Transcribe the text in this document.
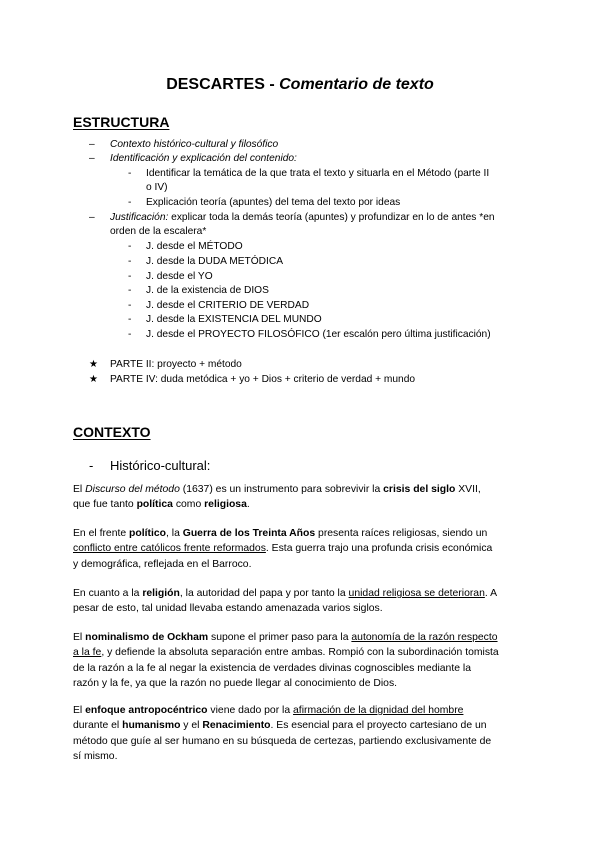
DESCARTES - Comentario de texto
ESTRUCTURA
– Contexto histórico-cultural y filosófico
– Identificación y explicación del contenido:
- Identificar la temática de la que trata el texto y situarla en el Método (parte II
o IV)
- Explicación teoría (apuntes) del tema del texto por ideas
– Justificación: explicar toda la demás teoría (apuntes) y profundizar en lo de antes *en
orden de la escalera*
- J. desde el MÉTODO
- J. desde la DUDA METÓDICA
- J. desde el YO
- J. de la existencia de DIOS
- J. desde el CRITERIO DE VERDAD
- J. desde la EXISTENCIA DEL MUNDO
- J. desde el PROYECTO FILOSÓFICO (1er escalón pero última justificación)
★ PARTE II: proyecto + método
★ PARTE IV: duda metódica + yo + Dios + criterio de verdad + mundo
CONTEXTO
- Histórico-cultural:
El Discurso del método (1637) es un instrumento para sobrevivir la crisis del siglo XVII,
que fue tanto política como religiosa.
En el frente político, la Guerra de los Treinta Años presenta raíces religiosas, siendo un
conflicto entre católicos frente reformados. Esta guerra trajo una profunda crisis económica
y demográfica, reflejada en el Barroco.
En cuanto a la religión, la autoridad del papa y por tanto la unidad religiosa se deterioran. A
pesar de esto, tal unidad llevaba estando amenazada varios siglos.
El nominalismo de Ockham supone el primer paso para la autonomía de la razón respecto
a la fe, y defiende la absoluta separación entre ambas. Rompió con la subordinación tomista
de la razón a la fe al negar la existencia de verdades divinas cognoscibles mediante la
razón y la fe, ya que la razón no puede llegar al conocimiento de Dios.
El enfoque antropocéntrico viene dado por la afirmación de la dignidad del hombre
durante el humanismo y el Renacimiento. Es esencial para el proyecto cartesiano de un
método que guíe al ser humano en su búsqueda de certezas, partiendo exclusivamente de
sí mismo.
